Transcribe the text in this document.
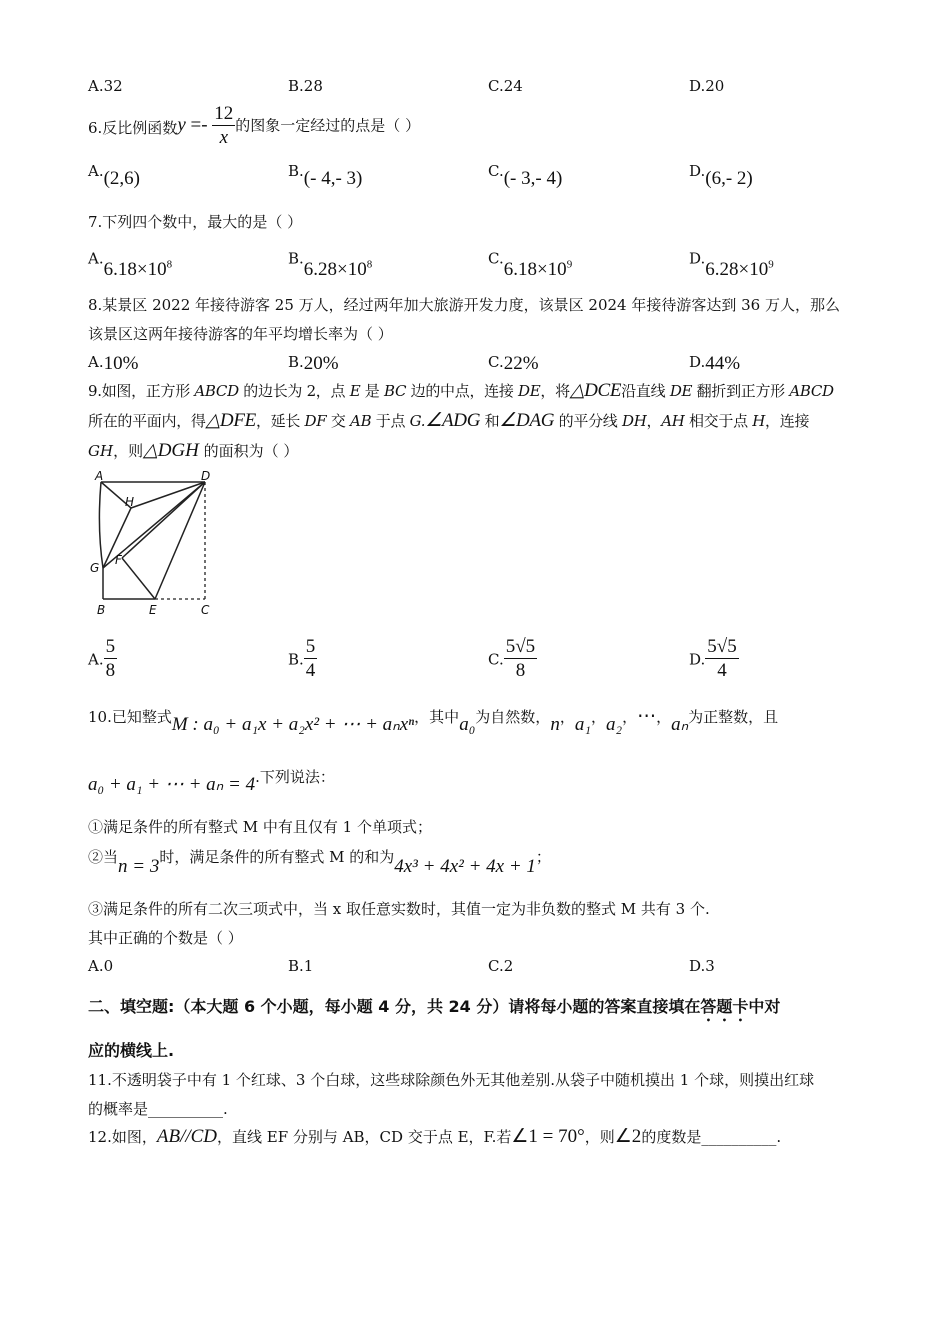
A.32	B.28	C.24	D.20
6.反比例函数$y =- \frac{12}{x}$ 的图象一定经过的点是（ ）
A.(2,6)	B.(- 4,- 3)	C.(- 3,- 4)	D.(6,- 2)
7.下列四个数中，最大的是（ ）
$A.6.18\times 10^8$	$B.6.28\times 10^8$	$C.6.18\times 10^9$	$D.6.28\times 10^9$
8.某景区 2022 年接待游客 25 万人，经过两年加大旅游开发力度，该景区 2024 年接待游客达到 36 万人，那么
该景区这两年接待游客的年平均增长率为（ ）
A.10%	B.20%	C.22%	D.44%
9.如图，正方形 ABCD 的边长为 2，点 E 是 BC 边的中点，连接 DE，将△DCE沿直线 DE 翻折到正方形 ABCD
所在的平面内，得△DFE，延长 DF 交 AB 于点 G.∠ADG 和∠DAG 的平分线 DH，AH 相交于点 H，连接
GH，则△DGH 的面积为（ ）
A	D
H
G
F
B	E	C
A. $\frac{5}{8}$	B. $\frac{5}{4}$	C. $\frac{5√5}{8}$	D. $\frac{5√5}{4}$
10.已知整式M : a₀ + a₁x + a₂x² + ⋯ + aₙxⁿ，其中a₀为自然数，n，a₁，a₂，⋯，aₙ为正整数，且
a₀ + a₁ + ⋯ + aₙ = 4.下列说法：
①满足条件的所有整式 M 中有且仅有 1 个单项式；
②当n = 3时，满足条件的所有整式 M 的和为4x³ + 4x² + 4x + 1；
③满足条件的所有二次三项式中，当 x 取任意实数时，其值一定为非负数的整式 M 共有 3 个.
其中正确的个数是（ ）
A.0	B.1	C.2	D.3
二、填空题:（本大题 6 个小题，每小题 4 分，共 24 分）请将每小题的答案直接填在答题卡中对
应的横线上.
11.不透明袋子中有 1 个红球、3 个白球，这些球除颜色外无其他差别.从袋子中随机摸出 1 个球，则摸出红球
的概率是__________.
12.如图，AB//CD，直线 EF 分别与 AB，CD 交于点 E，F.若∠1 = 70°，则∠2的度数是__________.
